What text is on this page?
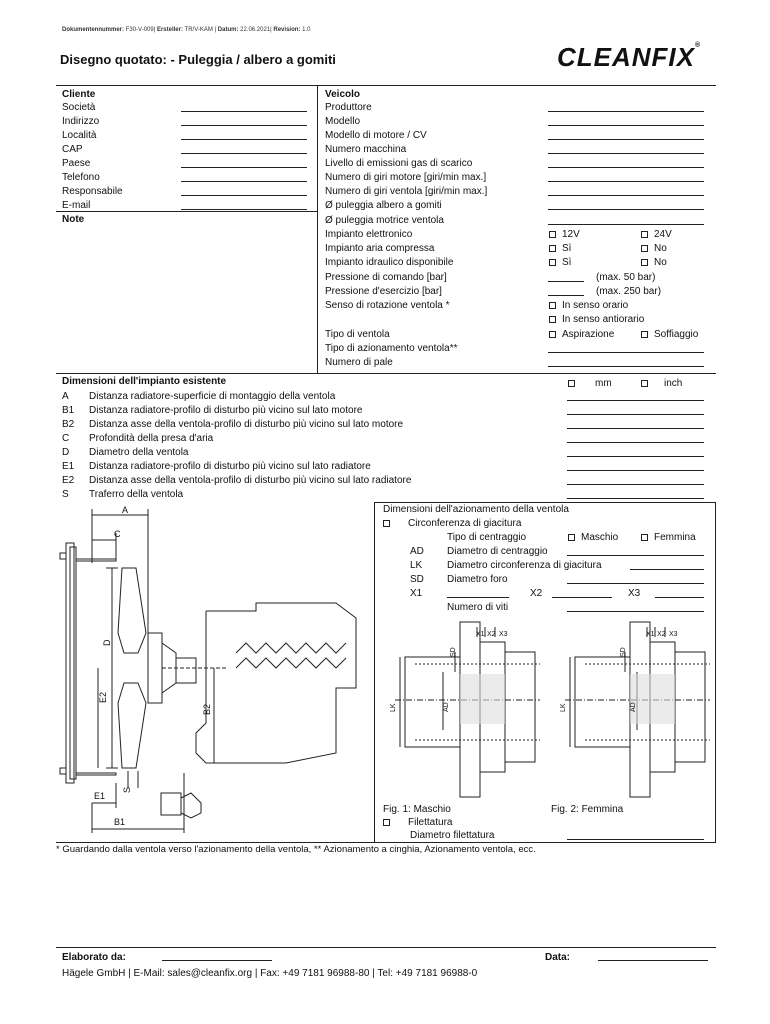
Dokumentennummer: F30-V-009| Ersteller: TR/V-KAM | Datum: 22.06.2021| Revision: 1.0
Disegno quotato: - Puleggia / albero a gomiti	CLEANFIX®
Cliente
Società
Indirizzo
Località
CAP
Paese
Telefono
Responsabile
E-mail
Note
Veicolo
Produttore
Modello
Modello di motore / CV
Numero macchina
Livello di emissioni gas di scarico
Numero di giri motore [giri/min max.]
Numero di giri ventola [giri/min max.]
Ø puleggia albero a gomiti
Ø puleggia motrice ventola
Impianto elettronico	12V	24V
Impianto aria compressa	Sì	No
Impianto idraulico disponibile	Sì	No
Pressione di comando [bar]	(max. 50 bar)
Pressione d'esercizio [bar]	(max. 250 bar)
Senso di rotazione ventola *	In senso orario
In senso antiorario
Tipo di ventola	Aspirazione	Soffiaggio
Tipo di azionamento ventola**
Numero di pale
Dimensioni dell'impianto esistente	mm	inch
A Distanza radiatore-superficie di montaggio della ventola
B1 Distanza radiatore-profilo di disturbo più vicino sul lato motore
B2 Distanza asse della ventola-profilo di disturbo più vicino sul lato motore
C Profondità della presa d'aria
D Diametro della ventola
E1 Distanza radiatore-profilo di disturbo più vicino sul lato radiatore
E2 Distanza asse della ventola-profilo di disturbo più vicino sul lato radiatore
S Traferro della ventola
Dimensioni dell'azionamento della ventola
Circonferenza di giacitura
Tipo di centraggio	Maschio	Femmina
AD Diametro di centraggio
LK Diametro circonferenza di giacitura
SD Diametro foro
X1	X2	X3
Numero di viti
Fig. 1: Maschio	Fig. 2: Femmina
Filettatura
Diametro filettatura
A
C
D
E2
B2
S
E1
B1
X1 X2 X3
SD
AD
LK
X1 X2 X3
SD
AD
LK
* Guardando dalla ventola verso l'azionamento della ventola, ** Azionamento a cinghia, Azionamento ventola, ecc.
Elaborato da:	Data:
Hägele GmbH | E-Mail: sales@cleanfix.org | Fax: +49 7181 96988-80 | Tel: +49 7181 96988-0
